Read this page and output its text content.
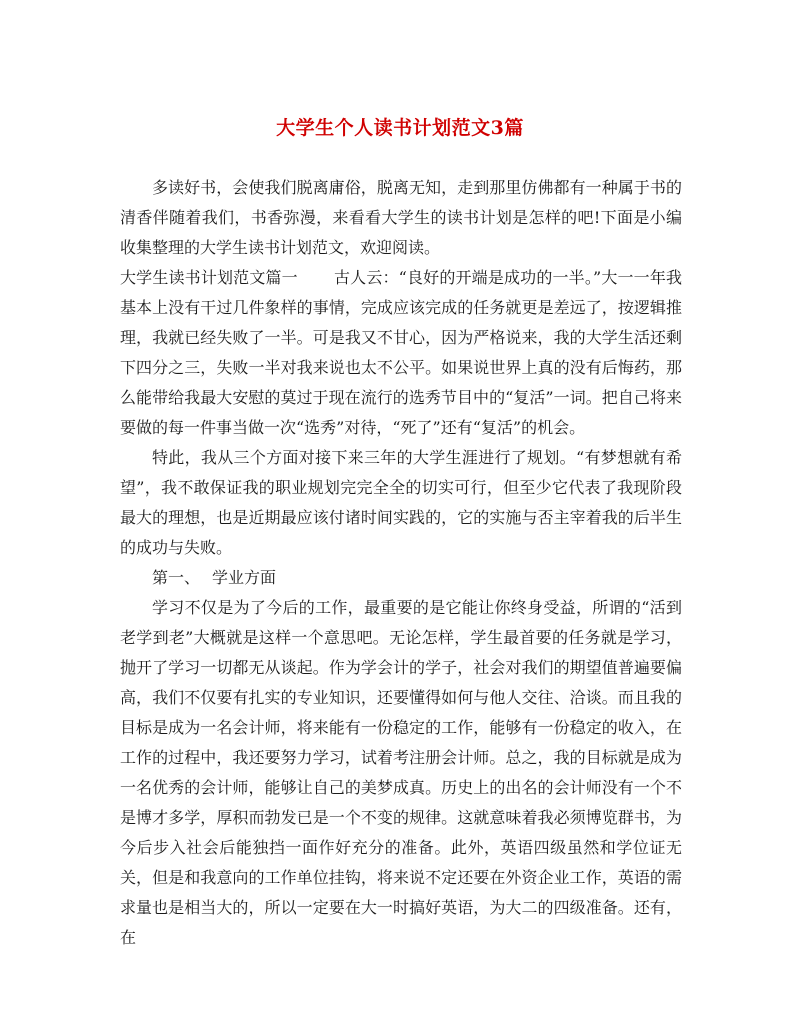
大学生个人读书计划范文3篇

多读好书，会使我们脱离庸俗，脱离无知，走到那里仿佛都有一种属于书的清香伴随着我们，书香弥漫，来看看大学生的读书计划是怎样的吧!下面是小编收集整理的大学生读书计划范文，欢迎阅读。

大学生读书计划范文篇一 古人云：“良好的开端是成功的一半。”大一一年我基本上没有干过几件象样的事情，完成应该完成的任务就更是差远了，按逻辑推理，我就已经失败了一半。可是我又不甘心，因为严格说来，我的大学生活还剩下四分之三，失败一半对我来说也太不公平。如果说世界上真的没有后悔药，那么能带给我最大安慰的莫过于现在流行的选秀节目中的“复活”一词。把自己将来要做的每一件事当做一次“选秀”对待，“死了”还有“复活”的机会。

特此，我从三个方面对接下来三年的大学生涯进行了规划。“有梦想就有希望”，我不敢保证我的职业规划完完全全的切实可行，但至少它代表了我现阶段最大的理想，也是近期最应该付诸时间实践的，它的实施与否主宰着我的后半生的成功与失败。

第一、 学业方面

学习不仅是为了今后的工作，最重要的是它能让你终身受益，所谓的“活到老学到老”大概就是这样一个意思吧。无论怎样，学生最首要的任务就是学习，抛开了学习一切都无从谈起。作为学会计的学子，社会对我们的期望值普遍要偏高，我们不仅要有扎实的专业知识，还要懂得如何与他人交往、洽谈。而且我的目标是成为一名会计师，将来能有一份稳定的工作，能够有一份稳定的收入，在工作的过程中，我还要努力学习，试着考注册会计师。总之，我的目标就是成为一名优秀的会计师，能够让自己的美梦成真。历史上的出名的会计师没有一个不是博才多学，厚积而勃发已是一个不变的规律。这就意味着我必须博览群书，为今后步入社会后能独挡一面作好充分的准备。此外，英语四级虽然和学位证无关，但是和我意向的工作单位挂钩，将来说不定还要在外资企业工作，英语的需求量也是相当大的，所以一定要在大一时搞好英语，为大二的四级准备。还有，在
